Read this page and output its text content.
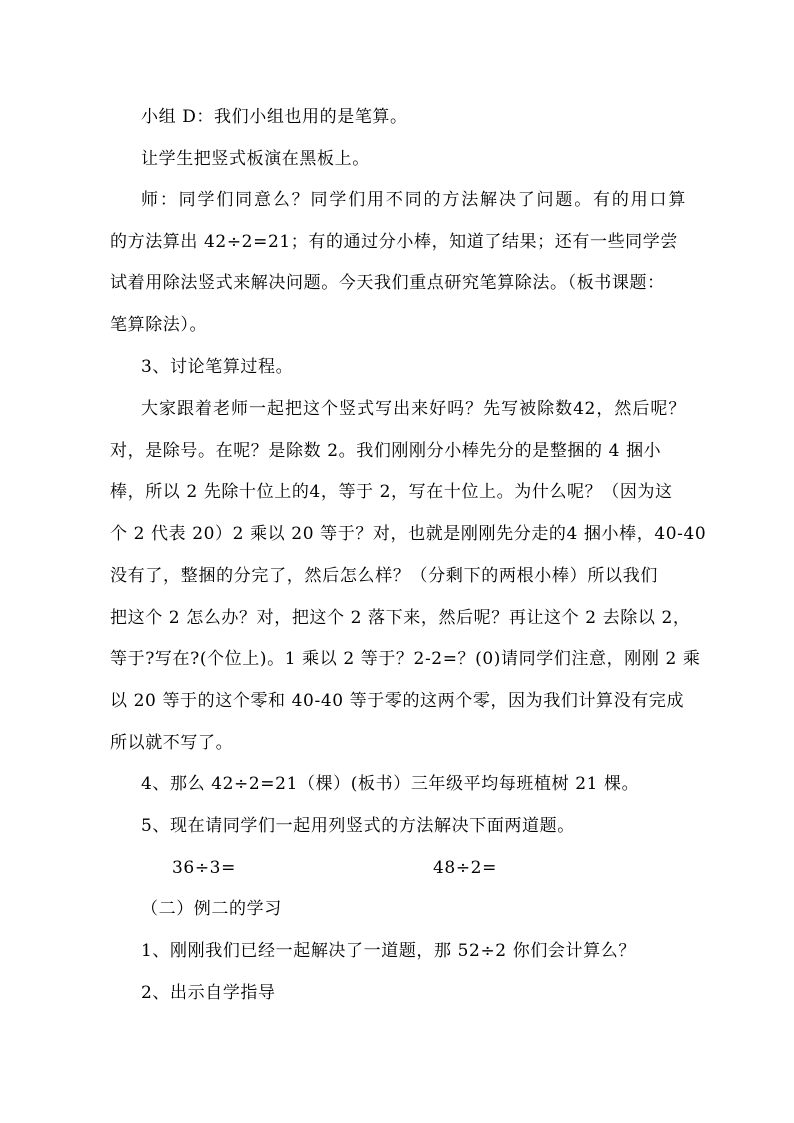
小组 D：我们小组也用的是笔算。
让学生把竖式板演在黑板上。
师：同学们同意么？同学们用不同的方法解决了问题。有的用口算
的方法算出 42÷2=21；有的通过分小棒，知道了结果；还有一些同学尝
试着用除法竖式来解决问题。今天我们重点研究笔算除法。（板书课题：
笔算除法）。
3、讨论笔算过程。
大家跟着老师一起把这个竖式写出来好吗？先写被除数42，然后呢？
对，是除号。在呢？是除数 2。我们刚刚分小棒先分的是整捆的 4 捆小
棒，所以 2 先除十位上的4，等于 2，写在十位上。为什么呢？（因为这
个 2 代表 20）2 乘以 20 等于？对，也就是刚刚先分走的4 捆小棒，40-40
没有了，整捆的分完了，然后怎么样？（分剩下的两根小棒）所以我们
把这个 2 怎么办？对，把这个 2 落下来，然后呢？再让这个 2 去除以 2，
等于?写在?(个位上)。1 乘以 2 等于？2-2=？(0)请同学们注意，刚刚 2 乘
以 20 等于的这个零和 40-40 等于零的这两个零，因为我们计算没有完成
所以就不写了。
4、那么 42÷2=21（棵）(板书）三年级平均每班植树 21 棵。
5、现在请同学们一起用列竖式的方法解决下面两道题。
36÷3=	48÷2=
（二）例二的学习
1、刚刚我们已经一起解决了一道题，那 52÷2 你们会计算么？
2、出示自学指导
